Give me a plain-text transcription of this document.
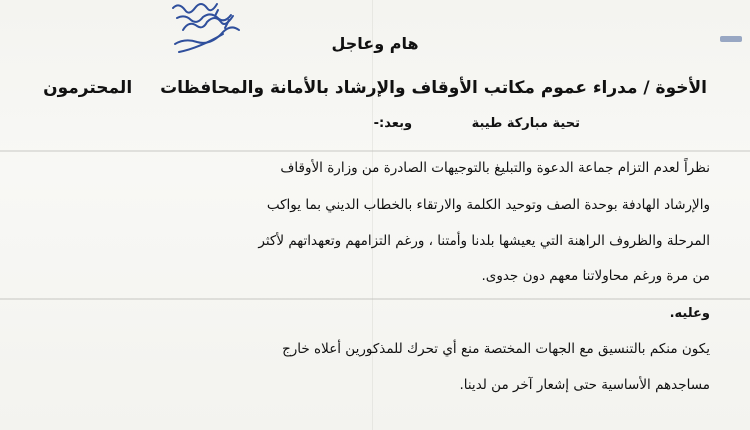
هام وعاجل
الأخوة / مدراء عموم مكاتب الأوقاف والإرشاد بالأمانة والمحافظات المحترمون
تحية مباركة طيبة وبعد:-
نظراً لعدم التزام جماعة الدعوة والتبليغ بالتوجيهات الصادرة من وزارة الأوقاف
والإرشاد الهادفة بوحدة الصف وتوحيد الكلمة والارتقاء بالخطاب الديني بما يواكب
المرحلة والظروف الراهنة التي يعيشها بلدنا وأمتنا ، ورغم التزامهم وتعهداتهم لأكثر
من مرة ورغم محاولاتنا معهم دون جدوى.
وعليه.
يكون منكم بالتنسيق مع الجهات المختصة منع أي تحرك للمذكورين أعلاه خارج
مساجدهم الأساسية حتى إشعار آخر من لدينا.
